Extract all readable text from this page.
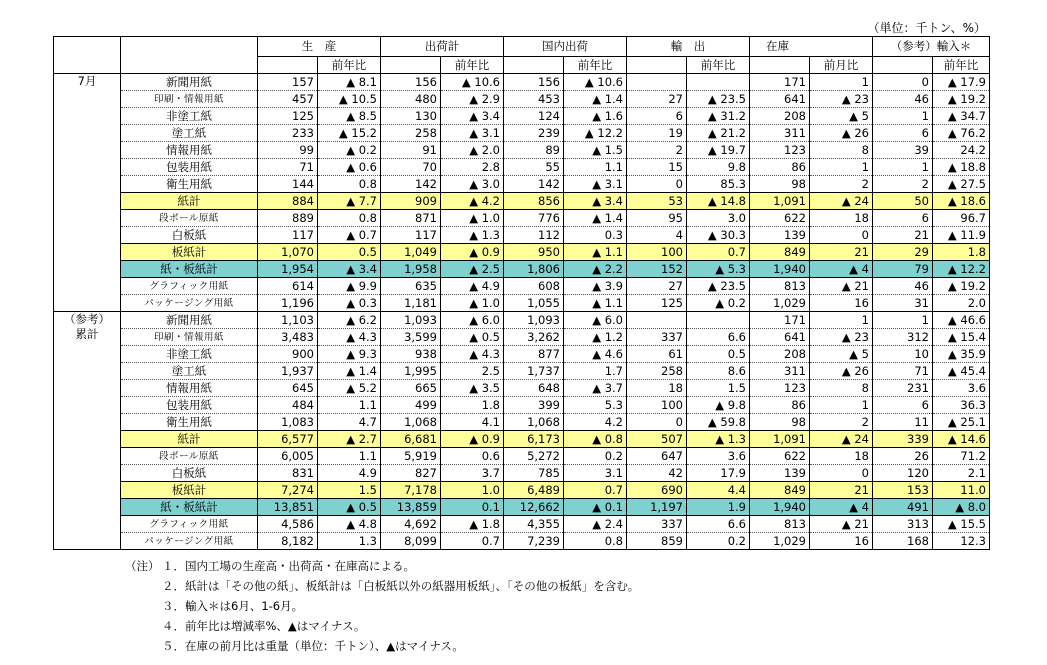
（単位：千トン、%）
		生　産		出荷計		国内出荷		輸　出		在庫		（参考）輸入＊	
			前年比		前年比		前年比		前年比		前月比		前年比

7月	新聞用紙	157	▲ 8.1	156	▲ 10.6	156	▲ 10.6			171	1	0	▲ 17.9
	印刷・情報用紙	457	▲ 10.5	480	▲ 2.9	453	▲ 1.4	27	▲ 23.5	641	▲ 23	46	▲ 19.2
	非塗工紙	125	▲ 8.5	130	▲ 3.4	124	▲ 1.6	6	▲ 31.2	208	▲ 5	1	▲ 34.7
	塗工紙	233	▲ 15.2	258	▲ 3.1	239	▲ 12.2	19	▲ 21.2	311	▲ 26	6	▲ 76.2
	情報用紙	99	▲ 0.2	91	▲ 2.0	89	▲ 1.5	2	▲ 19.7	123	8	39	24.2
	包装用紙	71	▲ 0.6	70	2.8	55	1.1	15	9.8	86	1	1	▲ 18.8
	衛生用紙	144	0.8	142	▲ 3.0	142	▲ 3.1	0	85.3	98	2	2	▲ 27.5
	紙計	884	▲ 7.7	909	▲ 4.2	856	▲ 3.4	53	▲ 14.8	1,091	▲ 24	50	▲ 18.6
	段ボール原紙	889	0.8	871	▲ 1.0	776	▲ 1.4	95	3.0	622	18	6	96.7
	白板紙	117	▲ 0.7	117	▲ 1.3	112	0.3	4	▲ 30.3	139	0	21	▲ 11.9
	板紙計	1,070	0.5	1,049	▲ 0.9	950	▲ 1.1	100	0.7	849	21	29	1.8
	紙・板紙計	1,954	▲ 3.4	1,958	▲ 2.5	1,806	▲ 2.2	152	▲ 5.3	1,940	▲ 4	79	▲ 12.2
	グラフィック用紙	614	▲ 9.9	635	▲ 4.9	608	▲ 3.9	27	▲ 23.5	813	▲ 21	46	▲ 19.2
	パッケージング用紙	1,196	▲ 0.3	1,181	▲ 1.0	1,055	▲ 1.1	125	▲ 0.2	1,029	16	31	2.0

（参考）
累計	新聞用紙	1,103	▲ 6.2	1,093	▲ 6.0	1,093	▲ 6.0			171	1	1	▲ 46.6
	印刷・情報用紙	3,483	▲ 4.3	3,599	▲ 0.5	3,262	▲ 1.2	337	6.6	641	▲ 23	312	▲ 15.4
	非塗工紙	900	▲ 9.3	938	▲ 4.3	877	▲ 4.6	61	0.5	208	▲ 5	10	▲ 35.9
	塗工紙	1,937	▲ 1.4	1,995	2.5	1,737	1.7	258	8.6	311	▲ 26	71	▲ 45.4
	情報用紙	645	▲ 5.2	665	▲ 3.5	648	▲ 3.7	18	1.5	123	8	231	3.6
	包装用紙	484	1.1	499	1.8	399	5.3	100	▲ 9.8	86	1	6	36.3
	衛生用紙	1,083	4.7	1,068	4.1	1,068	4.2	0	▲ 59.8	98	2	11	▲ 25.1
	紙計	6,577	▲ 2.7	6,681	▲ 0.9	6,173	▲ 0.8	507	▲ 1.3	1,091	▲ 24	339	▲ 14.6
	段ボール原紙	6,005	1.1	5,919	0.6	5,272	0.2	647	3.6	622	18	26	71.2
	白板紙	831	4.9	827	3.7	785	3.1	42	17.9	139	0	120	2.1
	板紙計	7,274	1.5	7,178	1.0	6,489	0.7	690	4.4	849	21	153	11.0
	紙・板紙計	13,851	▲ 0.5	13,859	0.1	12,662	▲ 0.1	1,197	1.9	1,940	▲ 4	491	▲ 8.0
	グラフィック用紙	4,586	▲ 4.8	4,692	▲ 1.8	4,355	▲ 2.4	337	6.6	813	▲ 21	313	▲ 15.5
	パッケージング用紙	8,182	1.3	8,099	0.7	7,239	0.8	859	0.2	1,029	16	168	12.3
（注） １．国内工場の生産高・出荷高・在庫高による。
２．紙計は「その他の紙」、板紙計は「白板紙以外の紙器用板紙」、「その他の板紙」を含む。
３．輸入＊は6月、1-6月。
４．前年比は増減率%、▲はマイナス。
５．在庫の前月比は重量（単位：千トン）、▲はマイナス。
